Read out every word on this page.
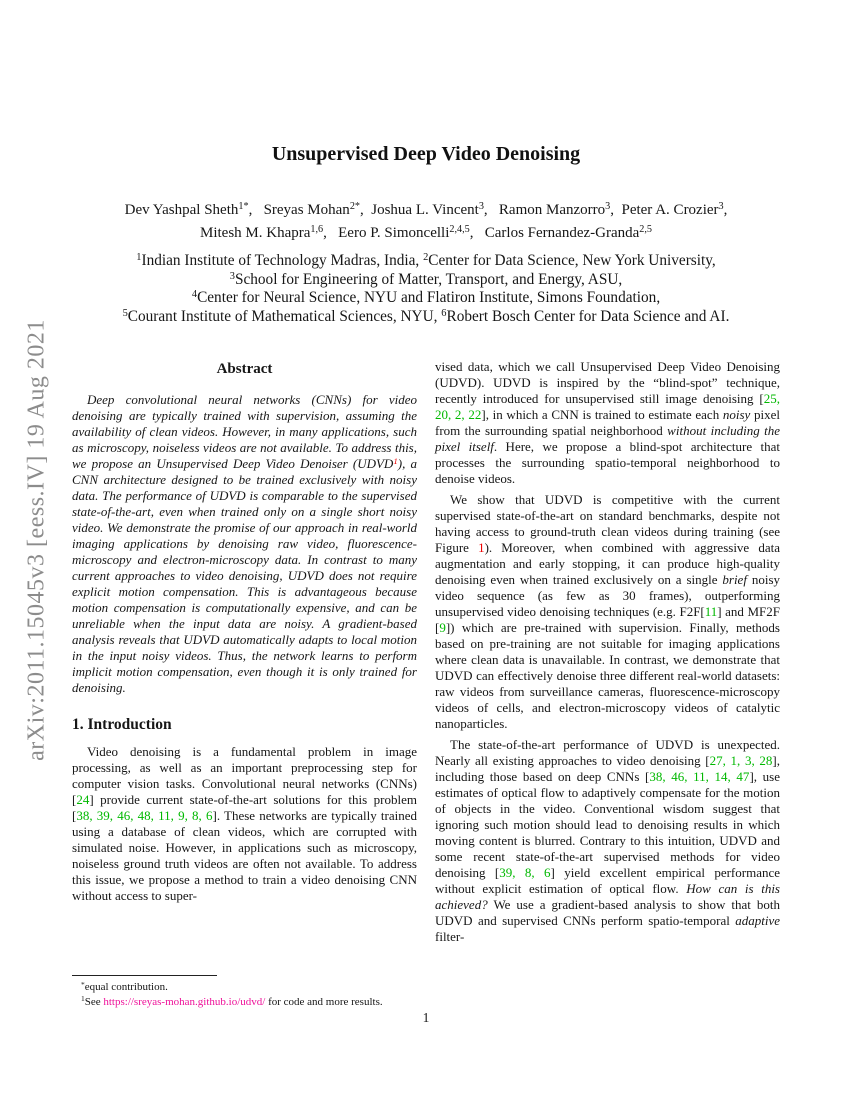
arXiv:2011.15045v3 [eess.IV] 19 Aug 2021
Unsupervised Deep Video Denoising
Dev Yashpal Sheth$^{1*}$,   Sreyas Mohan$^{2*}$,  Joshua L. Vincent$^3$,   Ramon Manzorro$^3$,  Peter A. Crozier$^3$,
Mitesh M. Khapra$^{1,6}$,   Eero P. Simoncelli$^{2,4,5}$,   Carlos Fernandez-Granda$^{2,5}$
$^1$Indian Institute of Technology Madras, India, $^2$Center for Data Science, New York University,
$^3$School for Engineering of Matter, Transport, and Energy, ASU,
$^4$Center for Neural Science, NYU and Flatiron Institute, Simons Foundation,
$^5$Courant Institute of Mathematical Sciences, NYU, $^6$Robert Bosch Center for Data Science and AI.
Abstract
Deep convolutional neural networks (CNNs) for video denoising are typically trained with supervision, assuming the availability of clean videos. However, in many applications, such as microscopy, noiseless videos are not available. To address this, we propose an Unsupervised Deep Video Denoiser (UDVD$^1$), a CNN architecture designed to be trained exclusively with noisy data. The performance of UDVD is comparable to the supervised state-of-the-art, even when trained only on a single short noisy video. We demonstrate the promise of our approach in real-world imaging applications by denoising raw video, fluorescence-microscopy and electron-microscopy data. In contrast to many current approaches to video denoising, UDVD does not require explicit motion compensation. This is advantageous because motion compensation is computationally expensive, and can be unreliable when the input data are noisy. A gradient-based analysis reveals that UDVD automatically adapts to local motion in the input noisy videos. Thus, the network learns to perform implicit motion compensation, even though it is only trained for denoising.
1. Introduction
Video denoising is a fundamental problem in image processing, as well as an important preprocessing step for computer vision tasks. Convolutional neural networks (CNNs) [24] provide current state-of-the-art solutions for this problem [38, 39, 46, 48, 11, 9, 8, 6]. These networks are typically trained using a database of clean videos, which are corrupted with simulated noise. However, in applications such as microscopy, noiseless ground truth videos are often not available. To address this issue, we propose a method to train a video denoising CNN without access to super-
*equal contribution.
$^1$See https://sreyas-mohan.github.io/udvd/ for code and more results.
vised data, which we call Unsupervised Deep Video Denoising (UDVD). UDVD is inspired by the “blind-spot” technique, recently introduced for unsupervised still image denoising [25, 20, 2, 22], in which a CNN is trained to estimate each noisy pixel from the surrounding spatial neighborhood without including the pixel itself. Here, we propose a blind-spot architecture that processes the surrounding spatio-temporal neighborhood to denoise videos.
We show that UDVD is competitive with the current supervised state-of-the-art on standard benchmarks, despite not having access to ground-truth clean videos during training (see Figure 1). Moreover, when combined with aggressive data augmentation and early stopping, it can produce high-quality denoising even when trained exclusively on a single brief noisy video sequence (as few as 30 frames), outperforming unsupervised video denoising techniques (e.g. F2F[11] and MF2F [9]) which are pre-trained with supervision. Finally, methods based on pre-training are not suitable for imaging applications where clean data is unavailable. In contrast, we demonstrate that UDVD can effectively denoise three different real-world datasets: raw videos from surveillance cameras, fluorescence-microscopy videos of cells, and electron-microscopy videos of catalytic nanoparticles.
The state-of-the-art performance of UDVD is unexpected. Nearly all existing approaches to video denoising [27, 1, 3, 28], including those based on deep CNNs [38, 46, 11, 14, 47], use estimates of optical flow to adaptively compensate for the motion of objects in the video. Conventional wisdom suggest that ignoring such motion should lead to denoising results in which moving content is blurred. Contrary to this intuition, UDVD and some recent state-of-the-art supervised methods for video denoising [39, 8, 6] yield excellent empirical performance without explicit estimation of optical flow. How can is this achieved? We use a gradient-based analysis to show that both UDVD and supervised CNNs perform spatio-temporal adaptive filter-
1
